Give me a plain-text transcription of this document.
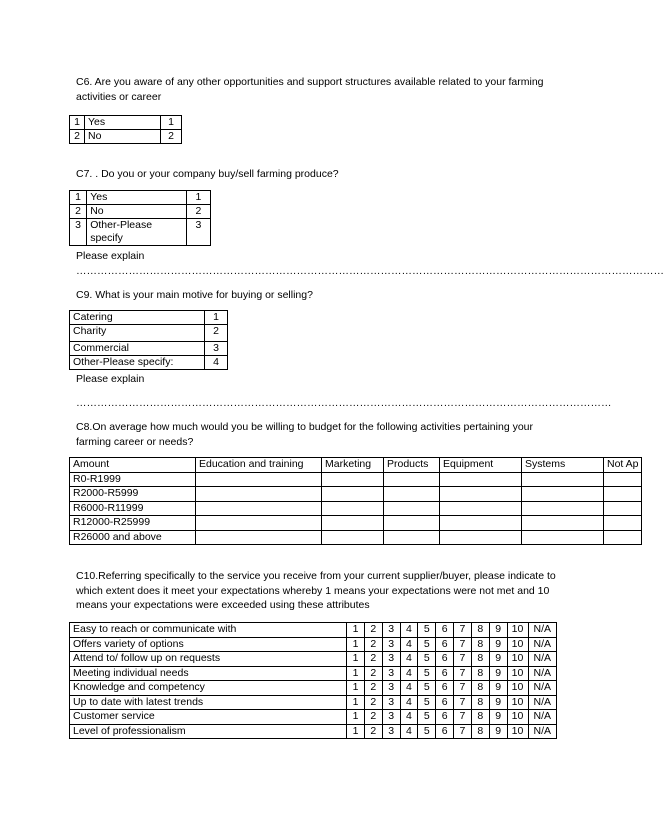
C6. Are you aware of any other opportunities and support structures available related to your farming activities or career
1	Yes	1
2	No	2
C7. . Do you or your company buy/sell farming produce?
1	Yes	1
2	No	2
3	Other-Please specify	3
Please explain
……………………………………………………………………………………………………………………………………………………
C9. What is your main motive for buying or selling?
Catering	1
Charity	2
Commercial	3
Other-Please specify:	4
Please explain
………………………………………………………………………………………………………………………………………
C8.On average how much would you be willing to budget for the following activities pertaining your farming career or needs?
Amount	Education and training	Marketing	Products	Equipment	Systems	Not Ap
R0-R1999						
R2000-R5999						
R6000-R11999						
R12000-R25999						
R26000 and above						
C10.Referring specifically to the service you receive from your current supplier/buyer, please indicate to which extent does it meet your expectations whereby 1 means your expectations were not met and 10 means your expectations were exceeded using these attributes
Easy to reach or communicate with	1	2	3	4	5	6	7	8	9	10	N/A
Offers variety of options	1	2	3	4	5	6	7	8	9	10	N/A
Attend to/ follow up on requests	1	2	3	4	5	6	7	8	9	10	N/A
Meeting individual needs	1	2	3	4	5	6	7	8	9	10	N/A
Knowledge and competency	1	2	3	4	5	6	7	8	9	10	N/A
Up to date with latest trends	1	2	3	4	5	6	7	8	9	10	N/A
Customer service	1	2	3	4	5	6	7	8	9	10	N/A
Level of professionalism	1	2	3	4	5	6	7	8	9	10	N/A
